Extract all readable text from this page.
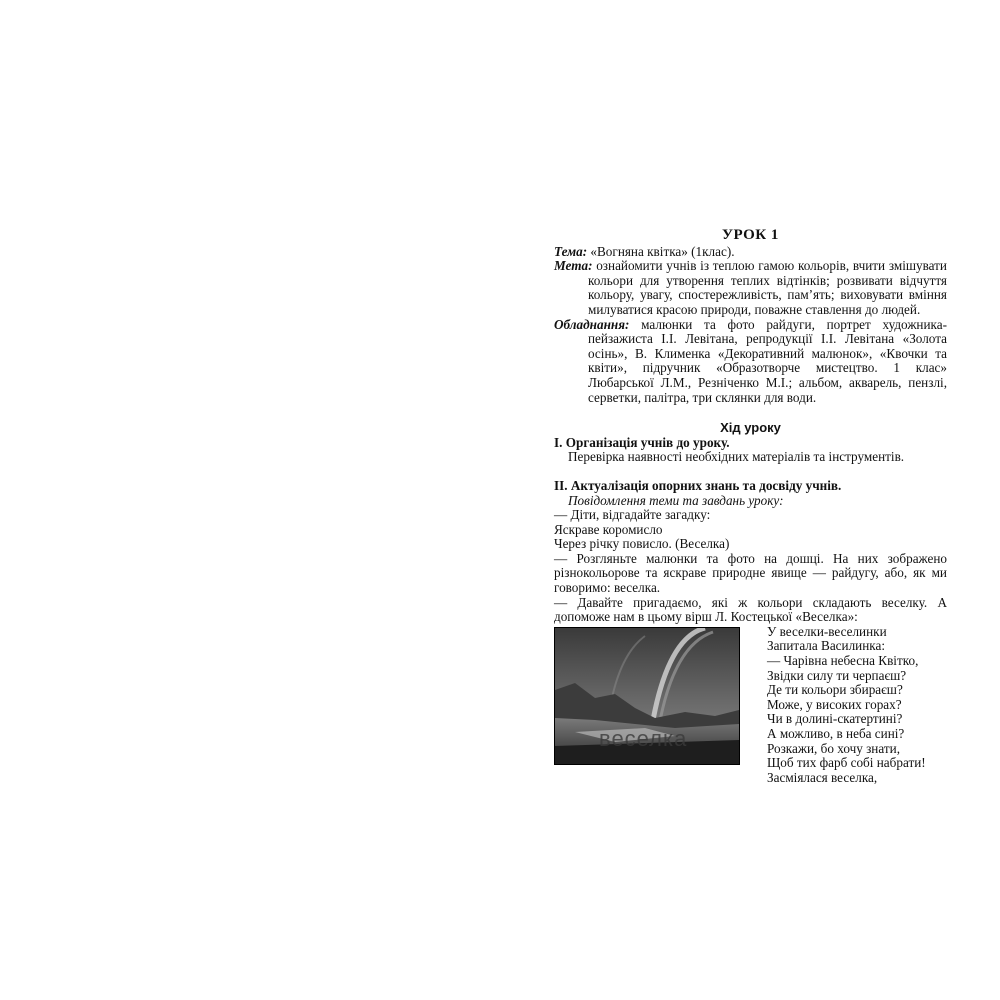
УРОК 1
Тема: «Вогняна квітка» (1клас).
Мета: ознайомити учнів із теплою гамою кольорів, вчити змішувати кольори для утворення теплих відтінків; розвивати відчуття кольору, увагу, спостережливість, пам’ять; виховувати вміння милуватися красою природи, поважне ставлення до людей.
Обладнання: малюнки та фото райдуги, портрет художника-пейзажиста І.І. Левітана, репродукції І.І. Левітана «Золота осінь», В. Клименка «Декоративний малюнок», «Квочки та квіти», підручник «Образотворче мистецтво. 1 клас» Любарської Л.М., Резніченко М.І.; альбом, акварель, пензлі, серветки, палітра, три склянки для води.
Хід уроку
І. Організація учнів до уроку.
Перевірка наявності необхідних матеріалів та інструментів.
ІІ. Актуалізація опорних знань та досвіду учнів.
Повідомлення теми та завдань уроку:
— Діти, відгадайте загадку:
Яскраве коромисло
Через річку повисло. (Веселка)
— Розгляньте малюнки та фото на дошці. На них зображено різнокольорове та яскраве природне явище — райдугу, або, як ми говоримо: веселка.
— Давайте пригадаємо, які ж кольори складають веселку. А допоможе нам в цьому вірш Л. Костецької «Веселка»:
веселка
У веселки-веселинки
Запитала Василинка:
— Чарівна небесна Квітко,
Звідки силу ти черпаєш?
Де ти кольори збираєш?
Може, у високих горах?
Чи в долині-скатертині?
А можливо, в неба сині?
Розкажи, бо хочу знати,
Щоб тих фарб собі набрати!
Засміялася веселка,
